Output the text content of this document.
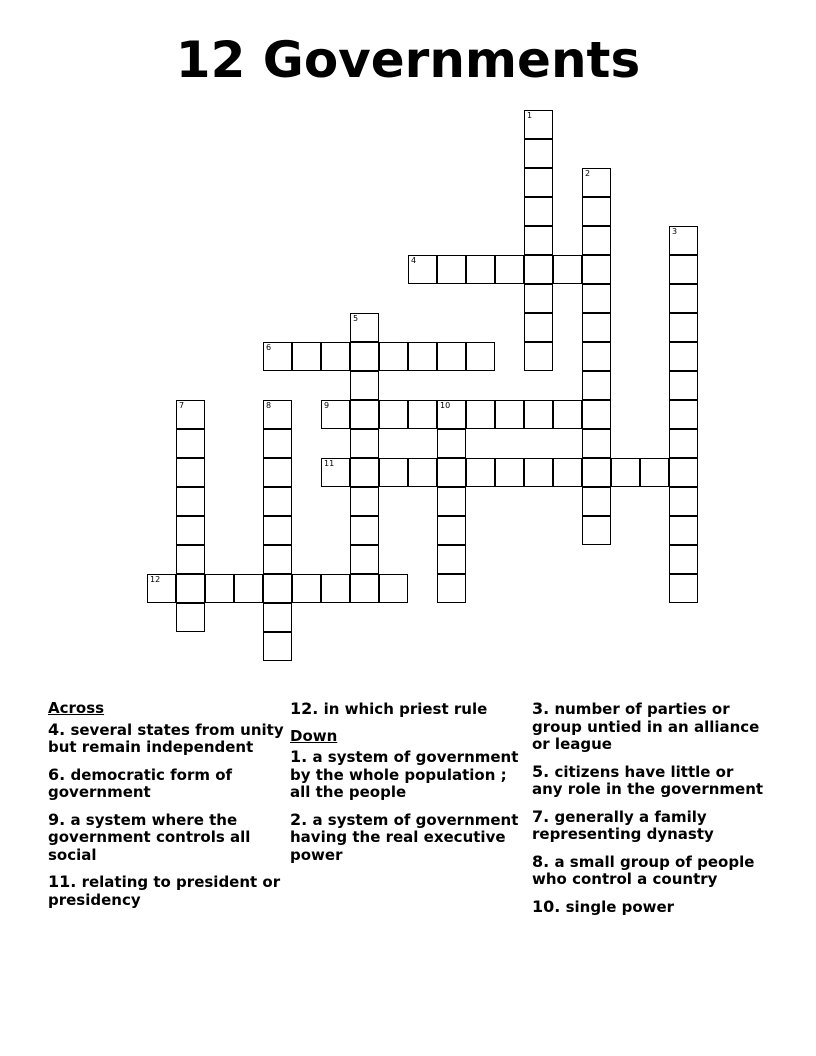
12 Governments
1
2
3
4
5
6
7	8	9	10
11
12
Across
4. several states from unity but remain independent
6. democratic form of government
9. a system where the government controls all social
11. relating to president or presidency
12. in which priest rule
Down
1. a system of government by the whole population ; all the people
2. a system of government having the real executive power
3. number of parties or group untied in an alliance or league
5. citizens have little or any role in the government
7. generally a family representing dynasty
8. a small group of people who control a country
10. single power
